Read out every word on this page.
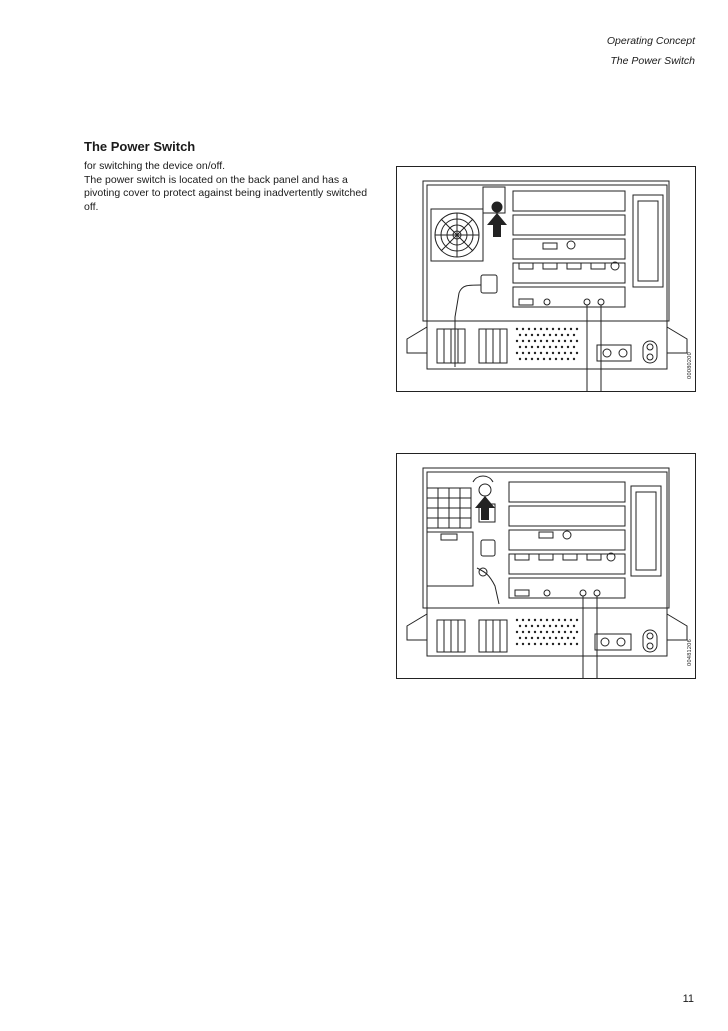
Operating Concept
The Power Switch
The Power Switch

for switching the device on/off.

The power switch is located on the back panel and has a pivoting cover to protect against being inadvertently switched off.

00080200
00481206
11
